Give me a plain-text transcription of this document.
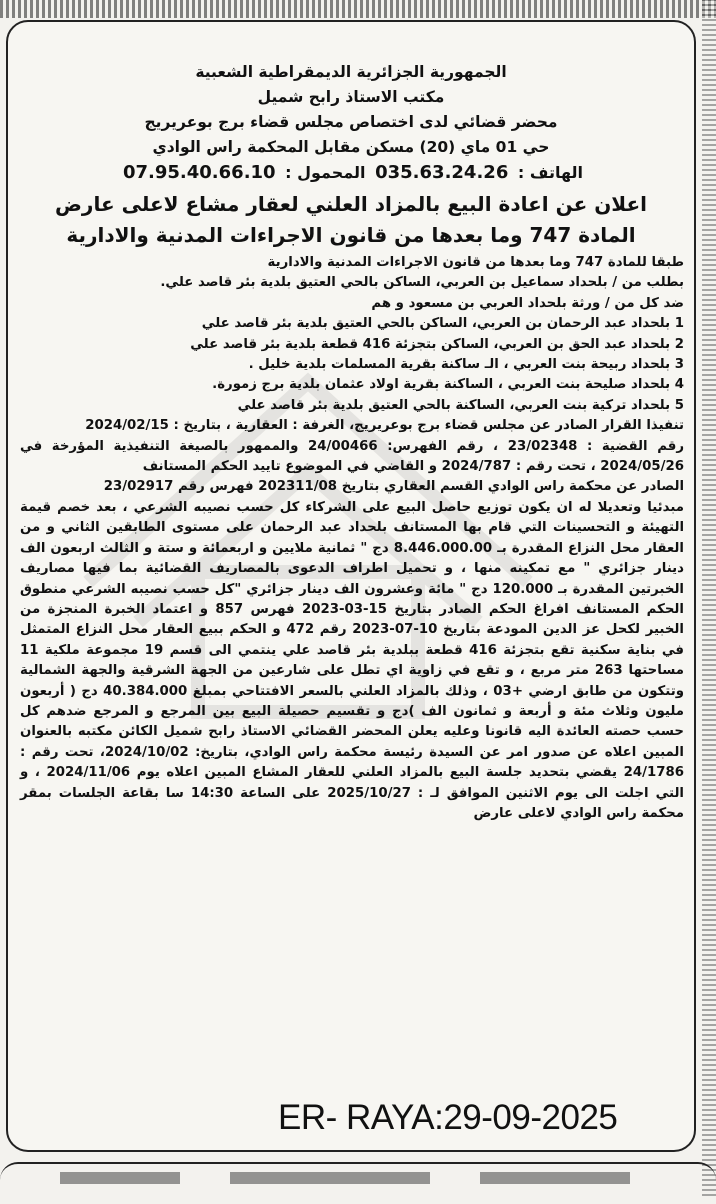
الجمهورية الجزائرية الديمقراطية الشعبية
مكتب الاستاذ رابح شميل
محضر قضائي لدى اختصاص مجلس قضاء برج بوعريريج
حي 01 ماي (20) مسكن مقابل المحكمة راس الوادي
الهاتف : 035.63.24.26 المحمول : 07.95.40.66.10
اعلان عن اعادة البيع بالمزاد العلني لعقار مشاع لاعلى عارض
المادة 747 وما بعدها من قانون الاجراءات المدنية والادارية

طبقا للمادة 747 وما بعدها من قانون الاجراءات المدنية والادارية

بطلب من / بلحداد سماعيل بن العربي، الساكن بالحي العتيق بلدية بئر قاصد علي.

ضد كل من / ورثة بلحداد العربي بن مسعود و هم

1 بلحداد عبد الرحمان بن العربي، الساكن بالحي العتيق بلدية بئر قاصد علي

2 بلحداد عبد الحق بن العربي، الساكن بتجزئة 416 قطعة بلدية بئر قاصد علي

3 بلحداد ربيحة بنت العربي ، الـ ساكنة بقرية المسلمات بلدية خليل .

4 بلحداد صليحة بنت العربي ، الساكنة بقرية اولاد عثمان بلدية برج زمورة.

5 بلحداد تركية بنت العربي، الساكنة بالحي العتيق بلدية بئر قاصد علي

تنفيذا القرار الصادر عن مجلس قضاء برج بوعريريج، الغرفة : العقارية ، بتاريخ : 2024/02/15

رقم القضية : 23/02348 ، رقم الفهرس: 24/00466 والممهور بالصيغة التنفيذية المؤرخة في 2024/05/26 ، تحت رقم : 2024/787 و القاضي في الموضوع تاييد الحكم المستانف

الصادر عن محكمة راس الوادي القسم العقاري بتاريخ 202311/08 فهرس رقم 23/02917

مبدئيا وتعديلا له ان يكون توزيع حاصل البيع على الشركاء كل حسب نصيبه الشرعي ، بعد خصم قيمة التهيئة و التحسينات التي قام بها المستانف بلحداد عبد الرحمان على مستوى الطابقين الثاني و من العقار محل النزاع المقدرة بـ 8.446.000.00 دج " ثمانية ملايين و اربعمائة و ستة و الثالث اربعون الف دينار جزائري " مع تمكينه منها ، و تحميل اطراف الدعوى بالمصاريف القضائية بما فيها مصاريف الخبرتين المقدرة بـ 120.000 دج " مائة وعشرون الف دينار جزائري "كل حسب نصيبه الشرعي منطوق الحكم المستانف افراغ الحكم الصادر بتاريخ 15-03-2023 فهرس 857 و اعتماد الخبرة المنجزة من الخبير لكحل عز الدين المودعة بتاريخ 10-07-2023 رقم 472 و الحكم ببيع العقار محل النزاع المتمثل في بناية سكنية تقع بتجزئة 416 قطعة ببلدية بئر قاصد علي ينتمي الى قسم 19 مجموعة ملكية 11 مساحتها 263 متر مربع ، و تقع في زاوية اي تطل على شارعين من الجهة الشرقية والجهة الشمالية وتتكون من طابق ارضي +03 ، وذلك بالمزاد العلني بالسعر الافتتاحي بمبلغ 40.384.000 دج ( أربعون مليون وثلاث مئة و أربعة و ثمانون الف )دج و تقسيم حصيلة البيع بين المرجع و المرجع ضدهم كل حسب حصته العائدة اليه قانونا وعليه يعلن المحضر القضائي الاستاذ رابح شميل الكائن مكتبه بالعنوان المبين اعلاه عن صدور امر عن السيدة رئيسة محكمة راس الوادي، بتاريخ: 2024/10/02، تحت رقم : 24/1786 يقضي بتحديد جلسة البيع بالمزاد العلني للعقار المشاع المبين اعلاه يوم 2024/11/06 ، و التي اجلت الى يوم الاثنين الموافق لـ : 2025/10/27 على الساعة 14:30 سا بقاعة الجلسات بمقر محكمة راس الوادي لاعلى عارض

ER- RAYA:29-09-2025
